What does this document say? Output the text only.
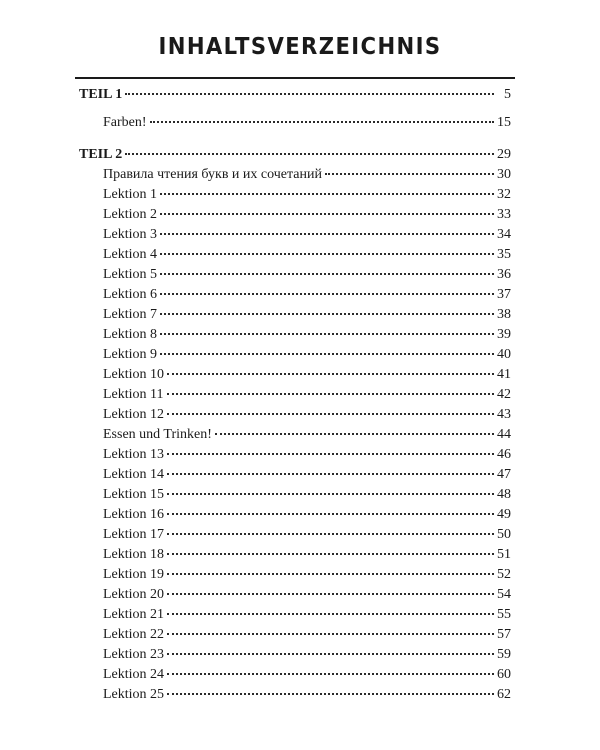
INHALTSVERZEICHNIS
TEIL 1	5
Farben!	15
TEIL 2	29
Правила чтения букв и их сочетаний	30
Lektion 1	32
Lektion 2	33
Lektion 3	34
Lektion 4	35
Lektion 5	36
Lektion 6	37
Lektion 7	38
Lektion 8	39
Lektion 9	40
Lektion 10	41
Lektion 11	42
Lektion 12	43
Essen und Trinken!	44
Lektion 13	46
Lektion 14	47
Lektion 15	48
Lektion 16	49
Lektion 17	50
Lektion 18	51
Lektion 19	52
Lektion 20	54
Lektion 21	55
Lektion 22	57
Lektion 23	59
Lektion 24	60
Lektion 25	62
